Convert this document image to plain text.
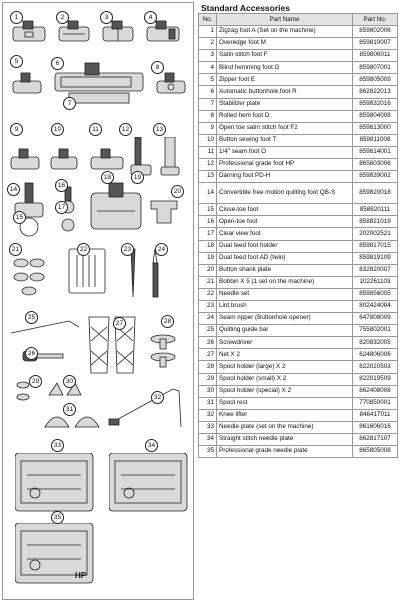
HP
1	2	3	4
5	6
7
8
9	10	11	12	13
14
15
16
17
18	19
20
21	22	23	24
25
26
27	28
29	30
31
32
33	34
35
Standard Accessories
No.	Part Name	Part No.
1	Zigzag foot A (Set on the machine)	859802006
2	Overedge foot M	859810007
3	Satin stitch foot F	859806011
4	Blind hemming foot G	859807001
5	Zipper foot E	859805009
6	Automatic buttonhole foot R	862822013
7	Stabilizer plate	859832016
8	Rolled hem foot D	859804008
9	Open toe satin stitch foot F2	859813000
10	Button sewing foot T	859811008
11	1/4" seam foot O	859814001
12	Professional grade foot HP	865803006
13	Darning foot PD-H	859839002
14	Convertible free motion quilting foot QB-S	859820018
15	Close-toe foot	858820111
16	Open-toe foot	858821019
17	Clear view foot	202002521
18	Dual feed foot holder	859817015
19	Dual feed foot AD (twin)	859819109
20	Button shank plate	832820007
21	Bobbin X 5 (1 set on the machine)	102261103
22	Needle set	859856005
23	Lint brush	802424004
24	Seam ripper (Buttonhole opener)	647808009
25	Quilting guide bar	755802001
26	Screwdriver	820832005
27	Net X 2	624806006
28	Spool holder (large) X 2	822020503
29	Spool holder (small) X 2	822019509
30	Spool holder (special) X 2	862408008
31	Spool rest	770850001
32	Knee lifter	846417011
33	Needle plate (set on the machine)	861606016
34	Straight stitch needle plate	862817107
35	Professional grade needle plate	865805008
